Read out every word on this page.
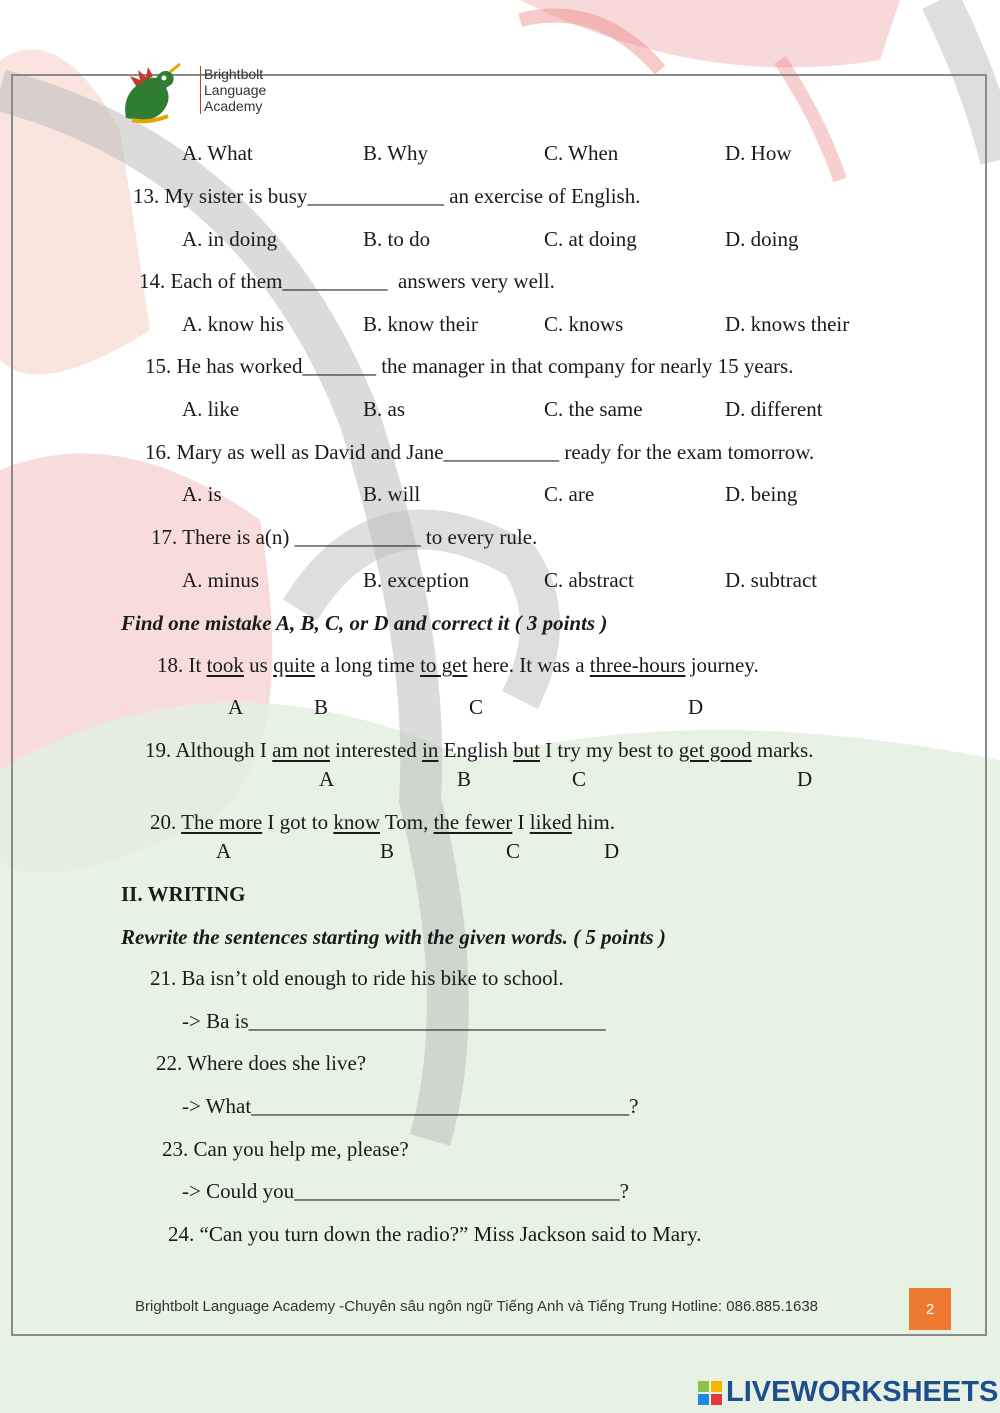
Brightbolt
Language
Academy
A. What	B. Why	C. When	D. How
13. My sister is busy_____________ an exercise of English.
A. in doing	B. to do	C. at doing	D. doing
14. Each of them__________  answers very well.
A. know his	B. know their	C. knows	D. knows their
15. He has worked_______ the manager in that company for nearly 15 years.
A. like	B. as	C. the same	D. different
16. Mary as well as David and Jane___________ ready for the exam tomorrow.
A. is	B. will	C. are	D. being
17. There is a(n) ____________ to every rule.
A. minus	B. exception	C. abstract	D. subtract
Find one mistake A, B, C, or D and correct it ( 3 points )
18. It took us quite a long time to get here. It was a three-hours journey.
A	B	C	D
19. Although I am not interested in English but I try my best to get good marks.
A	B	C	D
20. The more I got to know Tom, the fewer I liked him.
A	B	C	D
II. WRITING
Rewrite the sentences starting with the given words. ( 5 points )
21. Ba isn’t old enough to ride his bike to school.
-> Ba is__________________________________
22. Where does she live?
-> What____________________________________?
23. Can you help me, please?
-> Could you_______________________________?
24. “Can you turn down the radio?” Miss Jackson said to Mary.
Brightbolt Language Academy -Chuyên sâu ngôn ngữ Tiếng Anh và Tiếng Trung Hotline: 086.885.1638	2
LIVEWORKSHEETS
